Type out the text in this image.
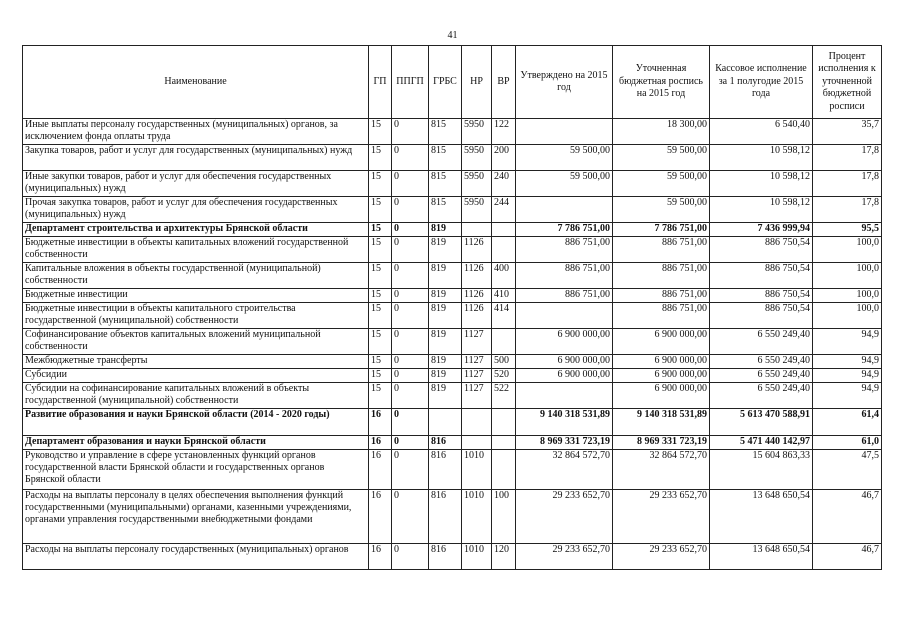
41
Наименование	ГП	ППГП	ГРБС	НР	ВР	Утверждено на 2015 год	Уточненная бюджетная роспись на 2015 год	Кассовое исполнение за 1 полугодие 2015 года	Процент исполнения к уточненной бюджетной росписи
Иные выплаты персоналу государственных (муниципальных) органов, за исключением фонда оплаты труда	15	0	815	5950	122		18 300,00	6 540,40	35,7
Закупка товаров, работ и услуг для государственных (муниципальных) нужд	15	0	815	5950	200	59 500,00	59 500,00	10 598,12	17,8
Иные закупки товаров, работ и услуг для обеспечения государственных (муниципальных) нужд	15	0	815	5950	240	59 500,00	59 500,00	10 598,12	17,8
Прочая закупка товаров, работ и услуг для обеспечения государственных (муниципальных) нужд	15	0	815	5950	244		59 500,00	10 598,12	17,8
Департамент строительства и архитектуры Брянской области	15	0	819			7 786 751,00	7 786 751,00	7 436 999,94	95,5
Бюджетные инвестиции в объекты капитальных вложений государственной собственности	15	0	819	1126		886 751,00	886 751,00	886 750,54	100,0
Капитальные вложения в объекты государственной (муниципальной) собственности	15	0	819	1126	400	886 751,00	886 751,00	886 750,54	100,0
Бюджетные инвестиции	15	0	819	1126	410	886 751,00	886 751,00	886 750,54	100,0
Бюджетные инвестиции в объекты капитального строительства государственной (муниципальной) собственности	15	0	819	1126	414		886 751,00	886 750,54	100,0
Софинансирование объектов капитальных вложений муниципальной собственности	15	0	819	1127		6 900 000,00	6 900 000,00	6 550 249,40	94,9
Межбюджетные трансферты	15	0	819	1127	500	6 900 000,00	6 900 000,00	6 550 249,40	94,9
Субсидии	15	0	819	1127	520	6 900 000,00	6 900 000,00	6 550 249,40	94,9
Субсидии на софинансирование капитальных вложений в объекты государственной (муниципальной) собственности	15	0	819	1127	522		6 900 000,00	6 550 249,40	94,9
Развитие образования и науки Брянской области (2014 - 2020 годы)	16	0				9 140 318 531,89	9 140 318 531,89	5 613 470 588,91	61,4
Департамент образования и науки Брянской области	16	0	816			8 969 331 723,19	8 969 331 723,19	5 471 440 142,97	61,0
Руководство и управление в сфере установленных функций органов государственной власти Брянской области и государственных органов Брянской области	16	0	816	1010		32 864 572,70	32 864 572,70	15 604 863,33	47,5
Расходы на выплаты персоналу в целях обеспечения выполнения функций государственными (муниципальными) органами, казенными учреждениями, органами управления государственными внебюджетными фондами	16	0	816	1010	100	29 233 652,70	29 233 652,70	13 648 650,54	46,7
Расходы на выплаты персоналу государственных (муниципальных) органов	16	0	816	1010	120	29 233 652,70	29 233 652,70	13 648 650,54	46,7
